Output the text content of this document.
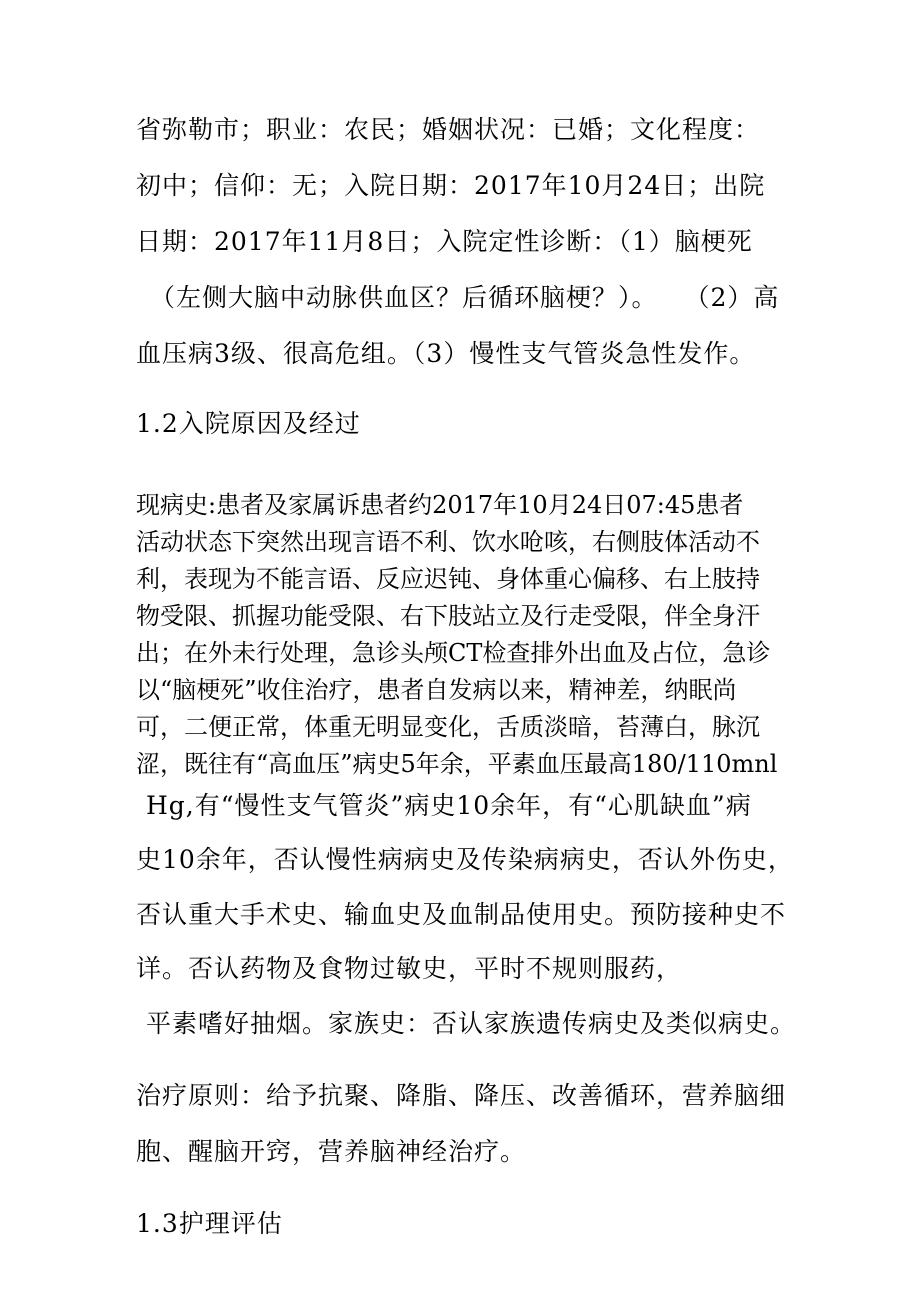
省弥勒市；职业：农民；婚姻状况：已婚；文化程度：
初中；信仰：无；入院日期：2017年10月24日；出院
日期：2017年11月8日；入院定性诊断：（1）脑梗死
（左侧大脑中动脉供血区？后循环脑梗？）。　　（2）高
血压病3级、很高危组。（3）慢性支气管炎急性发作。
1.2入院原因及经过
现病史:患者及家属诉患者约2017年10月24日07:45患者
活动状态下突然出现言语不利、饮水呛咳，右侧肢体活动不
利，表现为不能言语、反应迟钝、身体重心偏移、右上肢持
物受限、抓握功能受限、右下肢站立及行走受限，伴全身汗
出；在外未行处理，急诊头颅CT检查排外出血及占位，急诊
以“脑梗死”收住治疗，患者自发病以来，精神差，纳眠尚
可，二便正常，体重无明显变化，舌质淡暗，苔薄白，脉沉
涩，既往有“高血压”病史5年余，平素血压最高180/110mnl
Hg,有“慢性支气管炎”病史10余年，有“心肌缺血”病
史10余年，否认慢性病病史及传染病病史，否认外伤史，
否认重大手术史、输血史及血制品使用史。预防接种史不
详。否认药物及食物过敏史，平时不规则服药，
平素嗜好抽烟。家族史：否认家族遗传病史及类似病史。
治疗原则：给予抗聚、降脂、降压、改善循环，营养脑细
胞、醒脑开窍，营养脑神经治疗。
1.3护理评估
